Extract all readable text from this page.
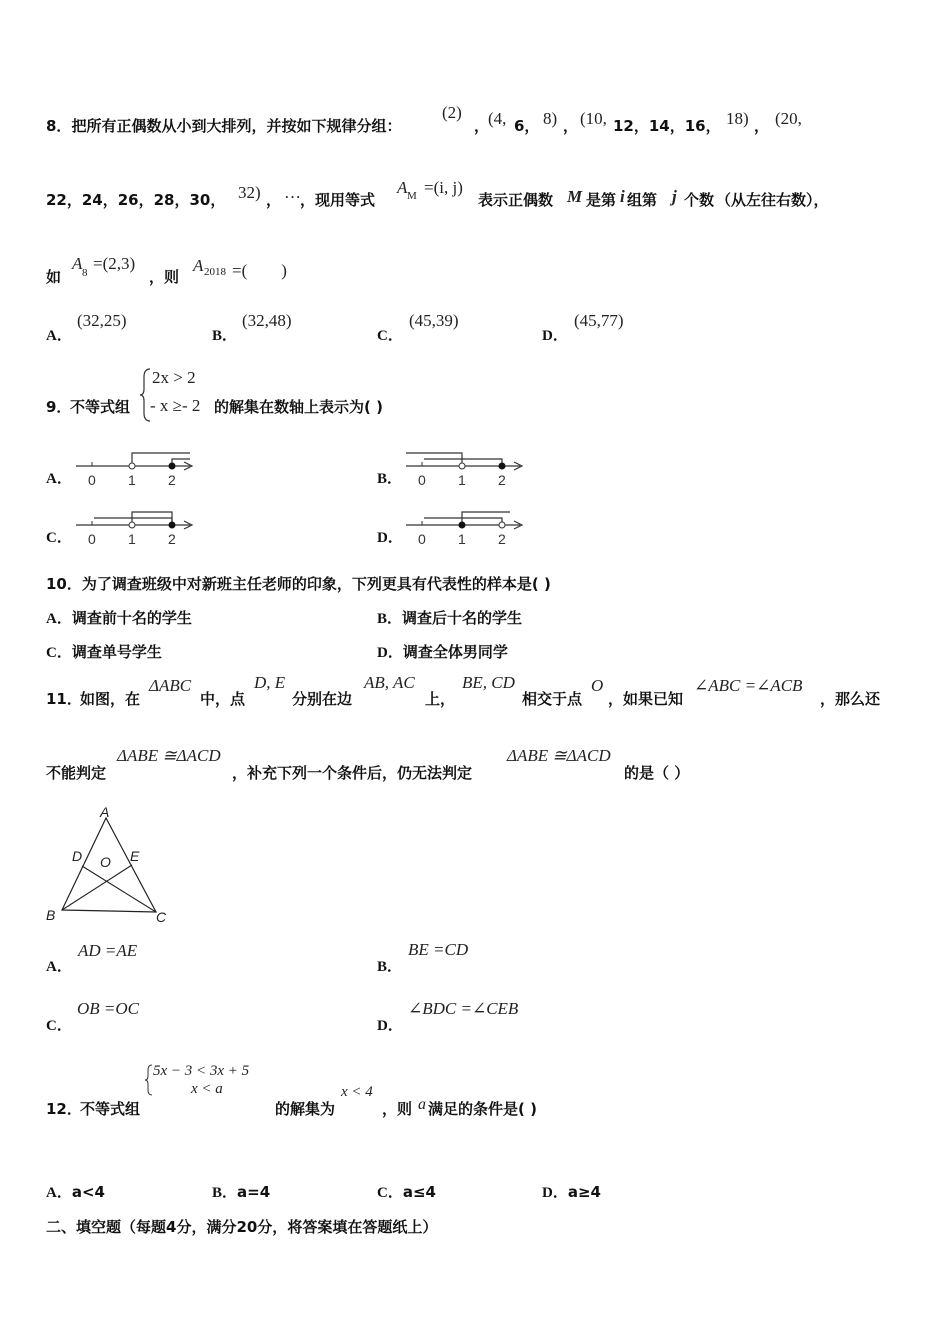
8．把所有正偶数从小到大排列，并按如下规律分组：
(2)
，
(4, 6， 8) ， (10, 12，14，16， 18) ， (20,
22，24，26，28，30， 32) ， … ，现用等式
A M =(i, j)
表示正偶数 M 是第 i 组第 j 个数 （从左往右数），
如
A 8 =(2,3)
，则
A 2018 =(　　)
A．
(32,25)
B．
(32,48)
C．
(45,39)
D．
(45,77)
9．
不等式组
2x > 2
- x ≥- 2 的解集在数轴上表示为( )
A． 0 1 2	B． 0 1 2
C． 0 1 2	D． 0 1 2
10．为了调查班级中对新班主任老师的印象，下列更具有代表性的样本是( )
A．调查前十名的学生	B．调查后十名的学生
C．调查单号学生	D．调查全体男同学
11．
如图，在
ΔABC
中，点
D, E
分别在边
AB, AC
上，
BE, CD
相交于点
O
，如果已知
∠ABC =∠ACB
，那么还
不能判定
ΔABE ≅ΔACD
，补充下列一个条件后，仍无法判定
ΔABE ≅ΔACD
的是（ ）
A
D O E
B	C
A．
AD =AE
B．
BE =CD
C．
OB =OC
D．
∠BDC =∠CEB
5x − 3 < 3x + 5
x < a
12．
不等式组	的解集为
x < 4
，则 a 满足的条件是( )
A．a<4	B．a=4	C．a≤4	D．a≥4
二、填空题（每题4分，满分20分，将答案填在答题纸上）
